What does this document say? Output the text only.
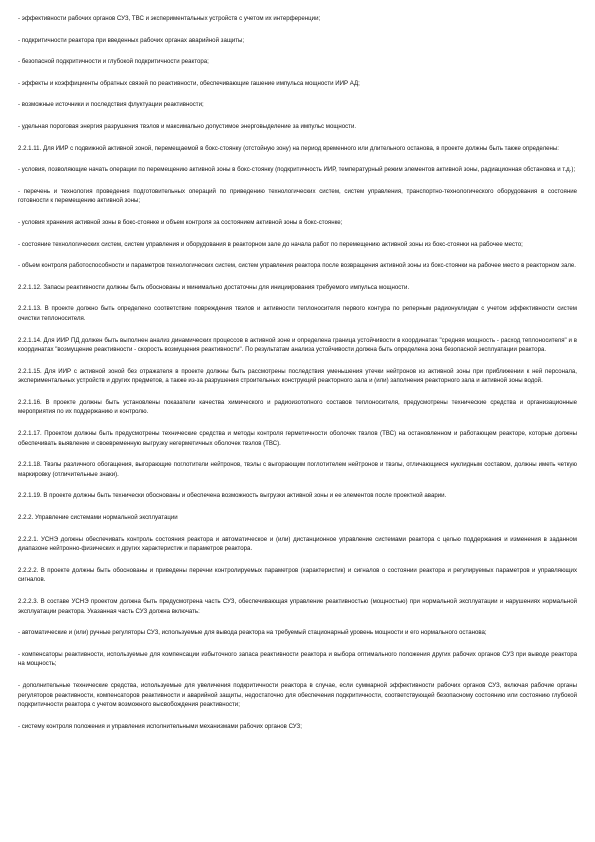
- эффективности рабочих органов СУЗ, ТВС и экспериментальных устройств с учетом их интерференции;

- подкритичности реактора при введенных рабочих органах аварийной защиты;

- безопасной подкритичности и глубокой подкритичности реактора;

- эффекты и коэффициенты обратных связей по реактивности, обеспечивающие гашение импульса мощности ИИР АД;

- возможные источники и последствия флуктуации реактивности;

- удельная пороговая энергия разрушения твэлов и максимально допустимое энерговыделение за импульс мощности.

2.2.1.11. Для ИИР с подвижной активной зоной, перемещаемой в бокс-стоянку (отстойную зону) на период временного или длительного останова, в проекте должны быть также определены:

- условия, позволяющие начать операции по перемещению активной зоны в бокс-стоянку (подкритичность ИИР, температурный режим элементов активной зоны, радиационная обстановка и т.д.);

- перечень и технология проведения подготовительных операций по приведению технологических систем, систем управления, транспортно-технологического оборудования в состояние готовности к перемещению активной зоны;

- условия хранения активной зоны в бокс-стоянке и объем контроля за состоянием активной зоны в бокс-стоянке;

- состояние технологических систем, систем управления и оборудования в реакторном зале до начала работ по перемещению активной зоны из бокс-стоянки на рабочее место;

- объем контроля работоспособности и параметров технологических систем, систем управления реактора после возвращения активной зоны из бокс-стоянки на рабочее место в реакторном зале.

2.2.1.12. Запасы реактивности должны быть обоснованы и минимально достаточны для инициирования требуемого импульса мощности.

2.2.1.13. В проекте должно быть определено соответствие повреждения твэлов и активности теплоносителя первого контура по реперным радионуклидам с учетом эффективности систем очистки теплоносителя.

2.2.1.14. Для ИИР ПД должен быть выполнен анализ динамических процессов в активной зоне и определена граница устойчивости в координатах "средняя мощность - расход теплоносителя" и в координатах "возмущение реактивности - скорость возмущения реактивности". По результатам анализа устойчивости должна быть определена зона безопасной эксплуатации реактора.

2.2.1.15. Для ИИР с активной зоной без отражателя в проекте должны быть рассмотрены последствия уменьшения утечки нейтронов из активной зоны при приближении к ней персонала, экспериментальных устройств и других предметов, а также из-за разрушения строительных конструкций реакторного зала и (или) заполнения реакторного зала и активной зоны водой.

2.2.1.16. В проекте должны быть установлены показатели качества химического и радиоизотопного составов теплоносителя, предусмотрены технические средства и организационные мероприятия по их поддержанию и контролю.

2.2.1.17. Проектом должны быть предусмотрены технические средства и методы контроля герметичности оболочек твэлов (ТВС) на остановленном и работающем реакторе, которые должны обеспечивать выявление и своевременную выгрузку негерметичных оболочек твэлов (ТВС).

2.2.1.18. Твэлы различного обогащения, выгорающие поглотители нейтронов, твэлы с выгорающим поглотителем нейтронов и твэлы, отличающиеся нуклидным составом, должны иметь четкую маркировку (отличительные знаки).

2.2.1.19. В проекте должны быть технически обоснованы и обеспечена возможность выгрузки активной зоны и ее элементов после проектной аварии.

2.2.2. Управление системами нормальной эксплуатации

2.2.2.1. УСНЭ должны обеспечивать контроль состояния реактора и автоматическое и (или) дистанционное управление системами реактора с целью поддержания и изменения в заданном диапазоне нейтронно-физических и других характеристик и параметров реактора.

2.2.2.2. В проекте должны быть обоснованы и приведены перечни контролируемых параметров (характеристик) и сигналов о состоянии реактора и регулируемых параметров и управляющих сигналов.

2.2.2.3. В составе УСНЭ проектом должна быть предусмотрена часть СУЗ, обеспечивающая управление реактивностью (мощностью) при нормальной эксплуатации и нарушениях нормальной эксплуатации реактора. Указанная часть СУЗ должна включать:

- автоматические и (или) ручные регуляторы СУЗ, используемые для вывода реактора на требуемый стационарный уровень мощности и его нормального останова;

- компенсаторы реактивности, используемые для компенсации избыточного запаса реактивности реактора и выбора оптимального положения других рабочих органов СУЗ при выводе реактора на мощность;

- дополнительные технические средства, используемые для увеличения подкритичности реактора в случае, если суммарной эффективности рабочих органов СУЗ, включая рабочие органы регуляторов реактивности, компенсаторов реактивности и аварийной защиты, недостаточно для обеспечения подкритичности, соответствующей безопасному состоянию или состоянию глубокой подкритичности реактора с учетом возможного высвобождения реактивности;

- систему контроля положения и управления исполнительными механизмами рабочих органов СУЗ;
